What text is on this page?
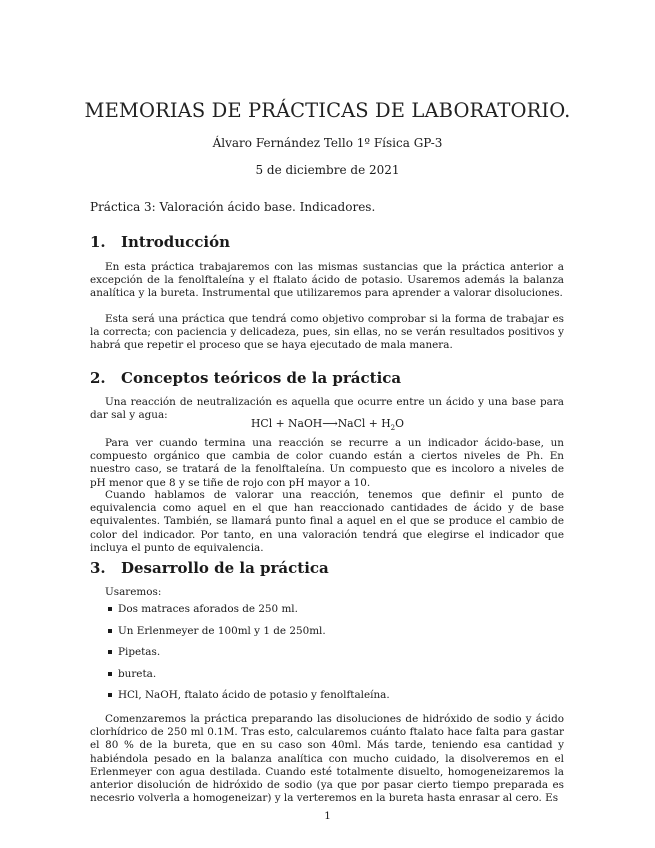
MEMORIAS DE PRÁCTICAS DE LABORATORIO.
Álvaro Fernández Tello 1º Física GP-3
5 de diciembre de 2021
Práctica 3: Valoración ácido base. Indicadores.
1. Introducción
En esta práctica trabajaremos con las mismas sustancias que la práctica anterior a excepción de la fenolftaleína y el ftalato ácido de potasio. Usaremos además la balanza analítica y la bureta. Instrumental que utilizaremos para aprender a valorar disoluciones.
Esta será una práctica que tendrá como objetivo comprobar si la forma de trabajar es la correcta; con paciencia y delicadeza, pues, sin ellas, no se verán resultados positivos y habrá que repetir el proceso que se haya ejecutado de mala manera.
2. Conceptos teóricos de la práctica
Una reacción de neutralización es aquella que ocurre entre un ácido y una base para dar sal y agua:
HCl + NaOH⟶NaCl + $H_2O$
Para ver cuando termina una reacción se recurre a un indicador ácido-base, un compuesto orgánico que cambia de color cuando están a ciertos niveles de Ph. En nuestro caso, se tratará de la fenolftaleína. Un compuesto que es incoloro a niveles de pH menor que 8 y se tiñe de rojo con pH mayor a 10.
Cuando hablamos de valorar una reacción, tenemos que definir el punto de equivalencia como aquel en el que han reaccionado cantidades de ácido y de base equivalentes. También, se llamará punto final a aquel en el que se produce el cambio de color del indicador. Por tanto, en una valoración tendrá que elegirse el indicador que incluya el punto de equivalencia.
3. Desarrollo de la práctica
Usaremos:
Dos matraces aforados de 250 ml.
Un Erlenmeyer de 100ml y 1 de 250ml.
Pipetas.
bureta.
HCl, NaOH, ftalato ácido de potasio y fenolftaleína.
Comenzaremos la práctica preparando las disoluciones de hidróxido de sodio y ácido clorhídrico de 250 ml 0.1M. Tras esto, calcularemos cuánto ftalato hace falta para gastar el 80 % de la bureta, que en su caso son 40ml. Más tarde, teniendo esa cantidad y habiéndola pesado en la balanza analítica con mucho cuidado, la disolveremos en el Erlenmeyer con agua destilada. Cuando esté totalmente disuelto, homogeneizaremos la anterior disolución de hidróxido de sodio (ya que por pasar cierto tiempo preparada es necesrio volverla a homogeneizar) y la verteremos en la bureta hasta enrasar al cero. Es
1
